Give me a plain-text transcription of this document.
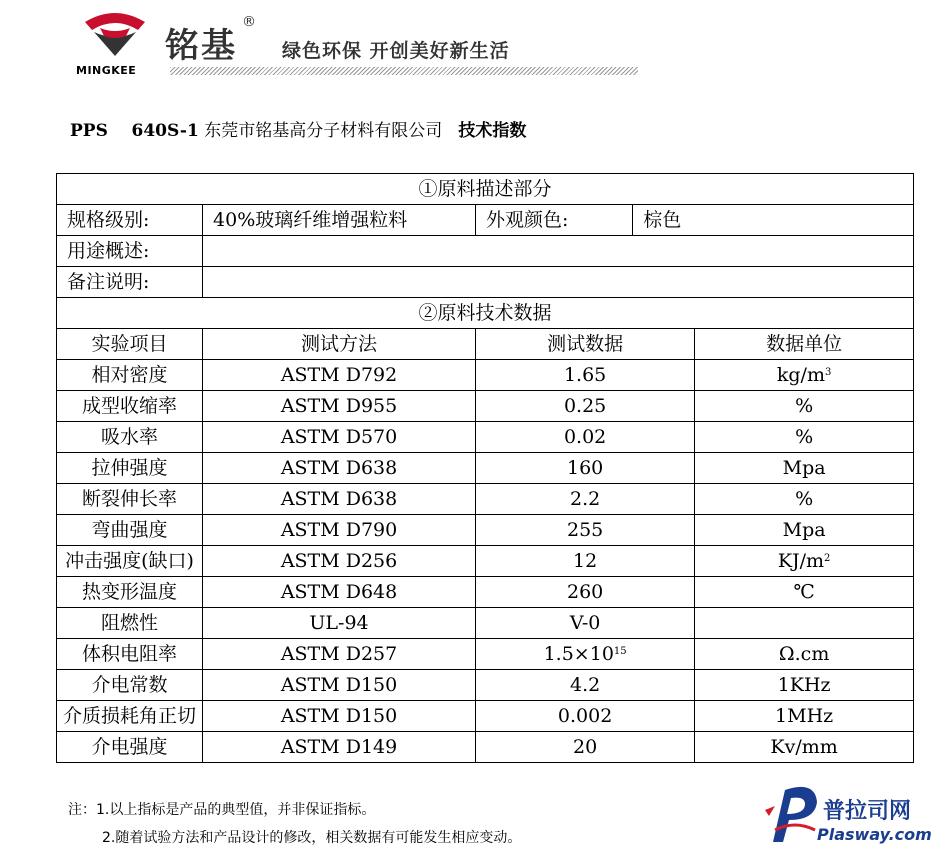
MINGKEE
铭基
®
绿色环保 开创美好新生活
PPS    640S-1 东莞市铭基高分子材料有限公司 技术指数
①原料描述部分				
规格级别:	40%玻璃纤维增强粒料	外观颜色:	棕色	
用途概述:				
备注说明:				
②原料技术数据				
实验项目	测试方法	测试数据		数据单位
相对密度	ASTM D792	1.65		$kg/m^3$
成型收缩率	ASTM D955	0.25		%
吸水率	ASTM D570	0.02		%
拉伸强度	ASTM D638	160		Mpa
断裂伸长率	ASTM D638	2.2		%
弯曲强度	ASTM D790	255		Mpa
冲击强度(缺口)	ASTM D256	12		$KJ/m^2$
热变形温度	ASTM D648	260		℃
阻燃性	UL-94	V-0		
体积电阻率	ASTM D257	$1.5\times 10^{15}$		Ω.cm
介电常数	ASTM D150	4.2		1KHz
介质损耗角正切	ASTM D150	0.002		1MHz
介电强度	ASTM D149	20		Kv/mm
注：1.以上指标是产品的典型值，并非保证指标。
2.随着试验方法和产品设计的修改，相关数据有可能发生相应变动。
普拉司网
Plasway.com
